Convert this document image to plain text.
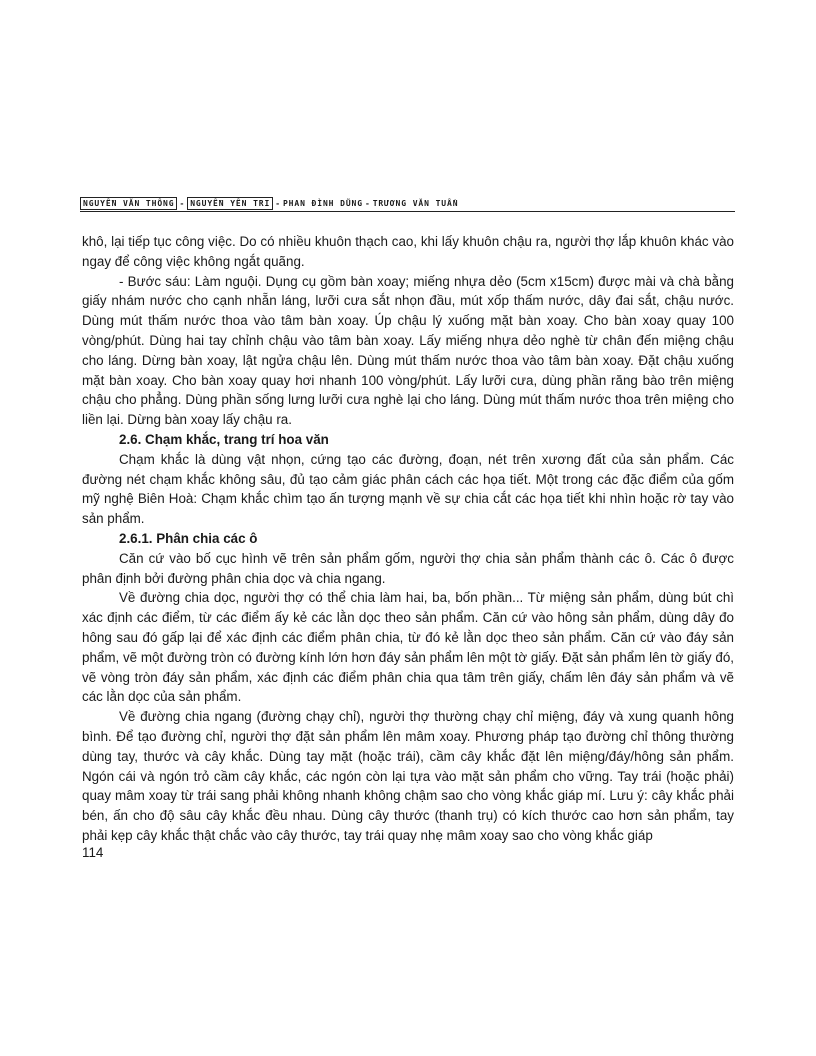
NGUYỄN VĂN THÔNG - NGUYỄN YÊN TRI - PHAN ĐÌNH DŨNG - TRƯƠNG VĂN TUẤN

khô, lại tiếp tục công việc. Do có nhiều khuôn thạch cao, khi lấy khuôn chậu ra, người thợ lắp khuôn khác vào ngay để công việc không ngắt quãng.

- Bước sáu: Làm nguội. Dụng cụ gồm bàn xoay; miếng nhựa dẻo (5cm x15cm) được mài và chà bằng giấy nhám nước cho cạnh nhẵn láng, lưỡi cưa sắt nhọn đầu, mút xốp thấm nước, dây đai sắt, chậu nước. Dùng mút thấm nước thoa vào tâm bàn xoay. Úp chậu lý xuống mặt bàn xoay. Cho bàn xoay quay 100 vòng/phút. Dùng hai tay chỉnh chậu vào tâm bàn xoay. Lấy miếng nhựa dẻo nghè từ chân đến miệng chậu cho láng. Dừng bàn xoay, lật ngửa chậu lên. Dùng mút thấm nước thoa vào tâm bàn xoay. Đặt chậu xuống mặt bàn xoay. Cho bàn xoay quay hơi nhanh 100 vòng/phút. Lấy lưỡi cưa, dùng phần răng bào trên miệng chậu cho phẳng. Dùng phần sống lưng lưỡi cưa nghè lại cho láng. Dùng mút thấm nước thoa trên miệng cho liền lại. Dừng bàn xoay lấy chậu ra.

2.6. Chạm khắc, trang trí hoa văn

Chạm khắc là dùng vật nhọn, cứng tạo các đường, đoạn, nét trên xương đất của sản phẩm. Các đường nét chạm khắc không sâu, đủ tạo cảm giác phân cách các họa tiết. Một trong các đặc điểm của gốm mỹ nghệ Biên Hoà: Chạm khắc chìm tạo ấn tượng mạnh về sự chia cắt các họa tiết khi nhìn hoặc rờ tay vào sản phẩm.

2.6.1. Phân chia các ô

Căn cứ vào bố cục hình vẽ trên sản phẩm gốm, người thợ chia sản phẩm thành các ô. Các ô được phân định bởi đường phân chia dọc và chia ngang.

Về đường chia dọc, người thợ có thể chia làm hai, ba, bốn phần... Từ miệng sản phẩm, dùng bút chì xác định các điểm, từ các điểm ấy kẻ các lằn dọc theo sản phẩm. Căn cứ vào hông sản phẩm, dùng dây đo hông sau đó gấp lại để xác định các điểm phân chia, từ đó kẻ lằn dọc theo sản phẩm. Căn cứ vào đáy sản phẩm, vẽ một đường tròn có đường kính lớn hơn đáy sản phẩm lên một tờ giấy. Đặt sản phẩm lên tờ giấy đó, vẽ vòng tròn đáy sản phẩm, xác định các điểm phân chia qua tâm trên giấy, chấm lên đáy sản phẩm và vẽ các lằn dọc của sản phẩm.

Về đường chia ngang (đường chạy chỉ), người thợ thường chạy chỉ miệng, đáy và xung quanh hông bình. Để tạo đường chỉ, người thợ đặt sản phẩm lên mâm xoay. Phương pháp tạo đường chỉ thông thường dùng tay, thước và cây khắc. Dùng tay mặt (hoặc trái), cầm cây khắc đặt lên miệng/đáy/hông sản phẩm. Ngón cái và ngón trỏ cầm cây khắc, các ngón còn lại tựa vào mặt sản phẩm cho vững. Tay trái (hoặc phải) quay mâm xoay từ trái sang phải không nhanh không chậm sao cho vòng khắc giáp mí. Lưu ý: cây khắc phải bén, ấn cho độ sâu cây khắc đều nhau. Dùng cây thước (thanh trụ) có kích thước cao hơn sản phẩm, tay phải kẹp cây khắc thật chắc vào cây thước, tay trái quay nhẹ mâm xoay sao cho vòng khắc giáp

114
